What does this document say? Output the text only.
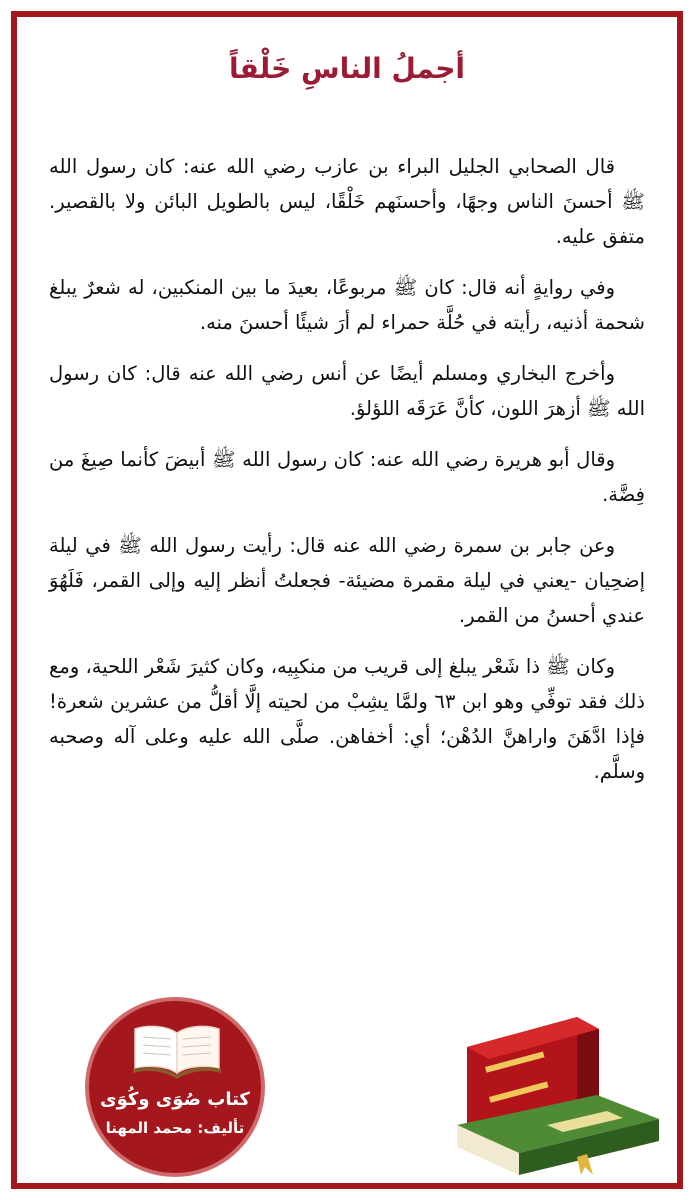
أجملُ الناسِ خَلْقاً

قال الصحابي الجليل البراء بن عازب رضي الله عنه: كان رسول الله ﷺ أحسنَ الناس وجهًا، وأحسنَهم خَلْقًا، ليس بالطويل البائن ولا بالقصير. متفق عليه.

وفي روايةٍ أنه قال: كان ﷺ مربوعًا، بعيدَ ما بين المنكبين، له شعرٌ يبلغ شحمة أذنيه، رأيته في حُلَّة حمراء لم أرَ شيئًا أحسنَ منه.

وأخرج البخاري ومسلم أيضًا عن أنس رضي الله عنه قال: كان رسول الله ﷺ أزهرَ اللون، كأنَّ عَرَقَه اللؤلؤ.

وقال أبو هريرة رضي الله عنه: كان رسول الله ﷺ أبيضَ كأنما صِيغَ من فِضَّة.

وعن جابر بن سمرة رضي الله عنه قال: رأيت رسول الله ﷺ في ليلة إضحِيان -يعني في ليلة مقمرة مضيئة- فجعلتُ أنظر إليه وإلى القمر، فَلَهُوَ عندي أحسنُ من القمر.

وكان ﷺ ذا شَعْر يبلغ إلى قريب من منكبِيه، وكان كثيرَ شَعْر اللحية، ومع ذلك فقد توفِّي وهو ابن ٦٣ ولمَّا يشِبْ من لحيته إلَّا أقلُّ من عشرين شعرة! فإذا ادَّهَنَ واراهنَّ الدُهْن؛ أي: أخفاهن. صلَّى الله عليه وعلى آله وصحبه وسلَّم.

كتاب صُوَى وكُوَى
تأليف: محمد المهنا
